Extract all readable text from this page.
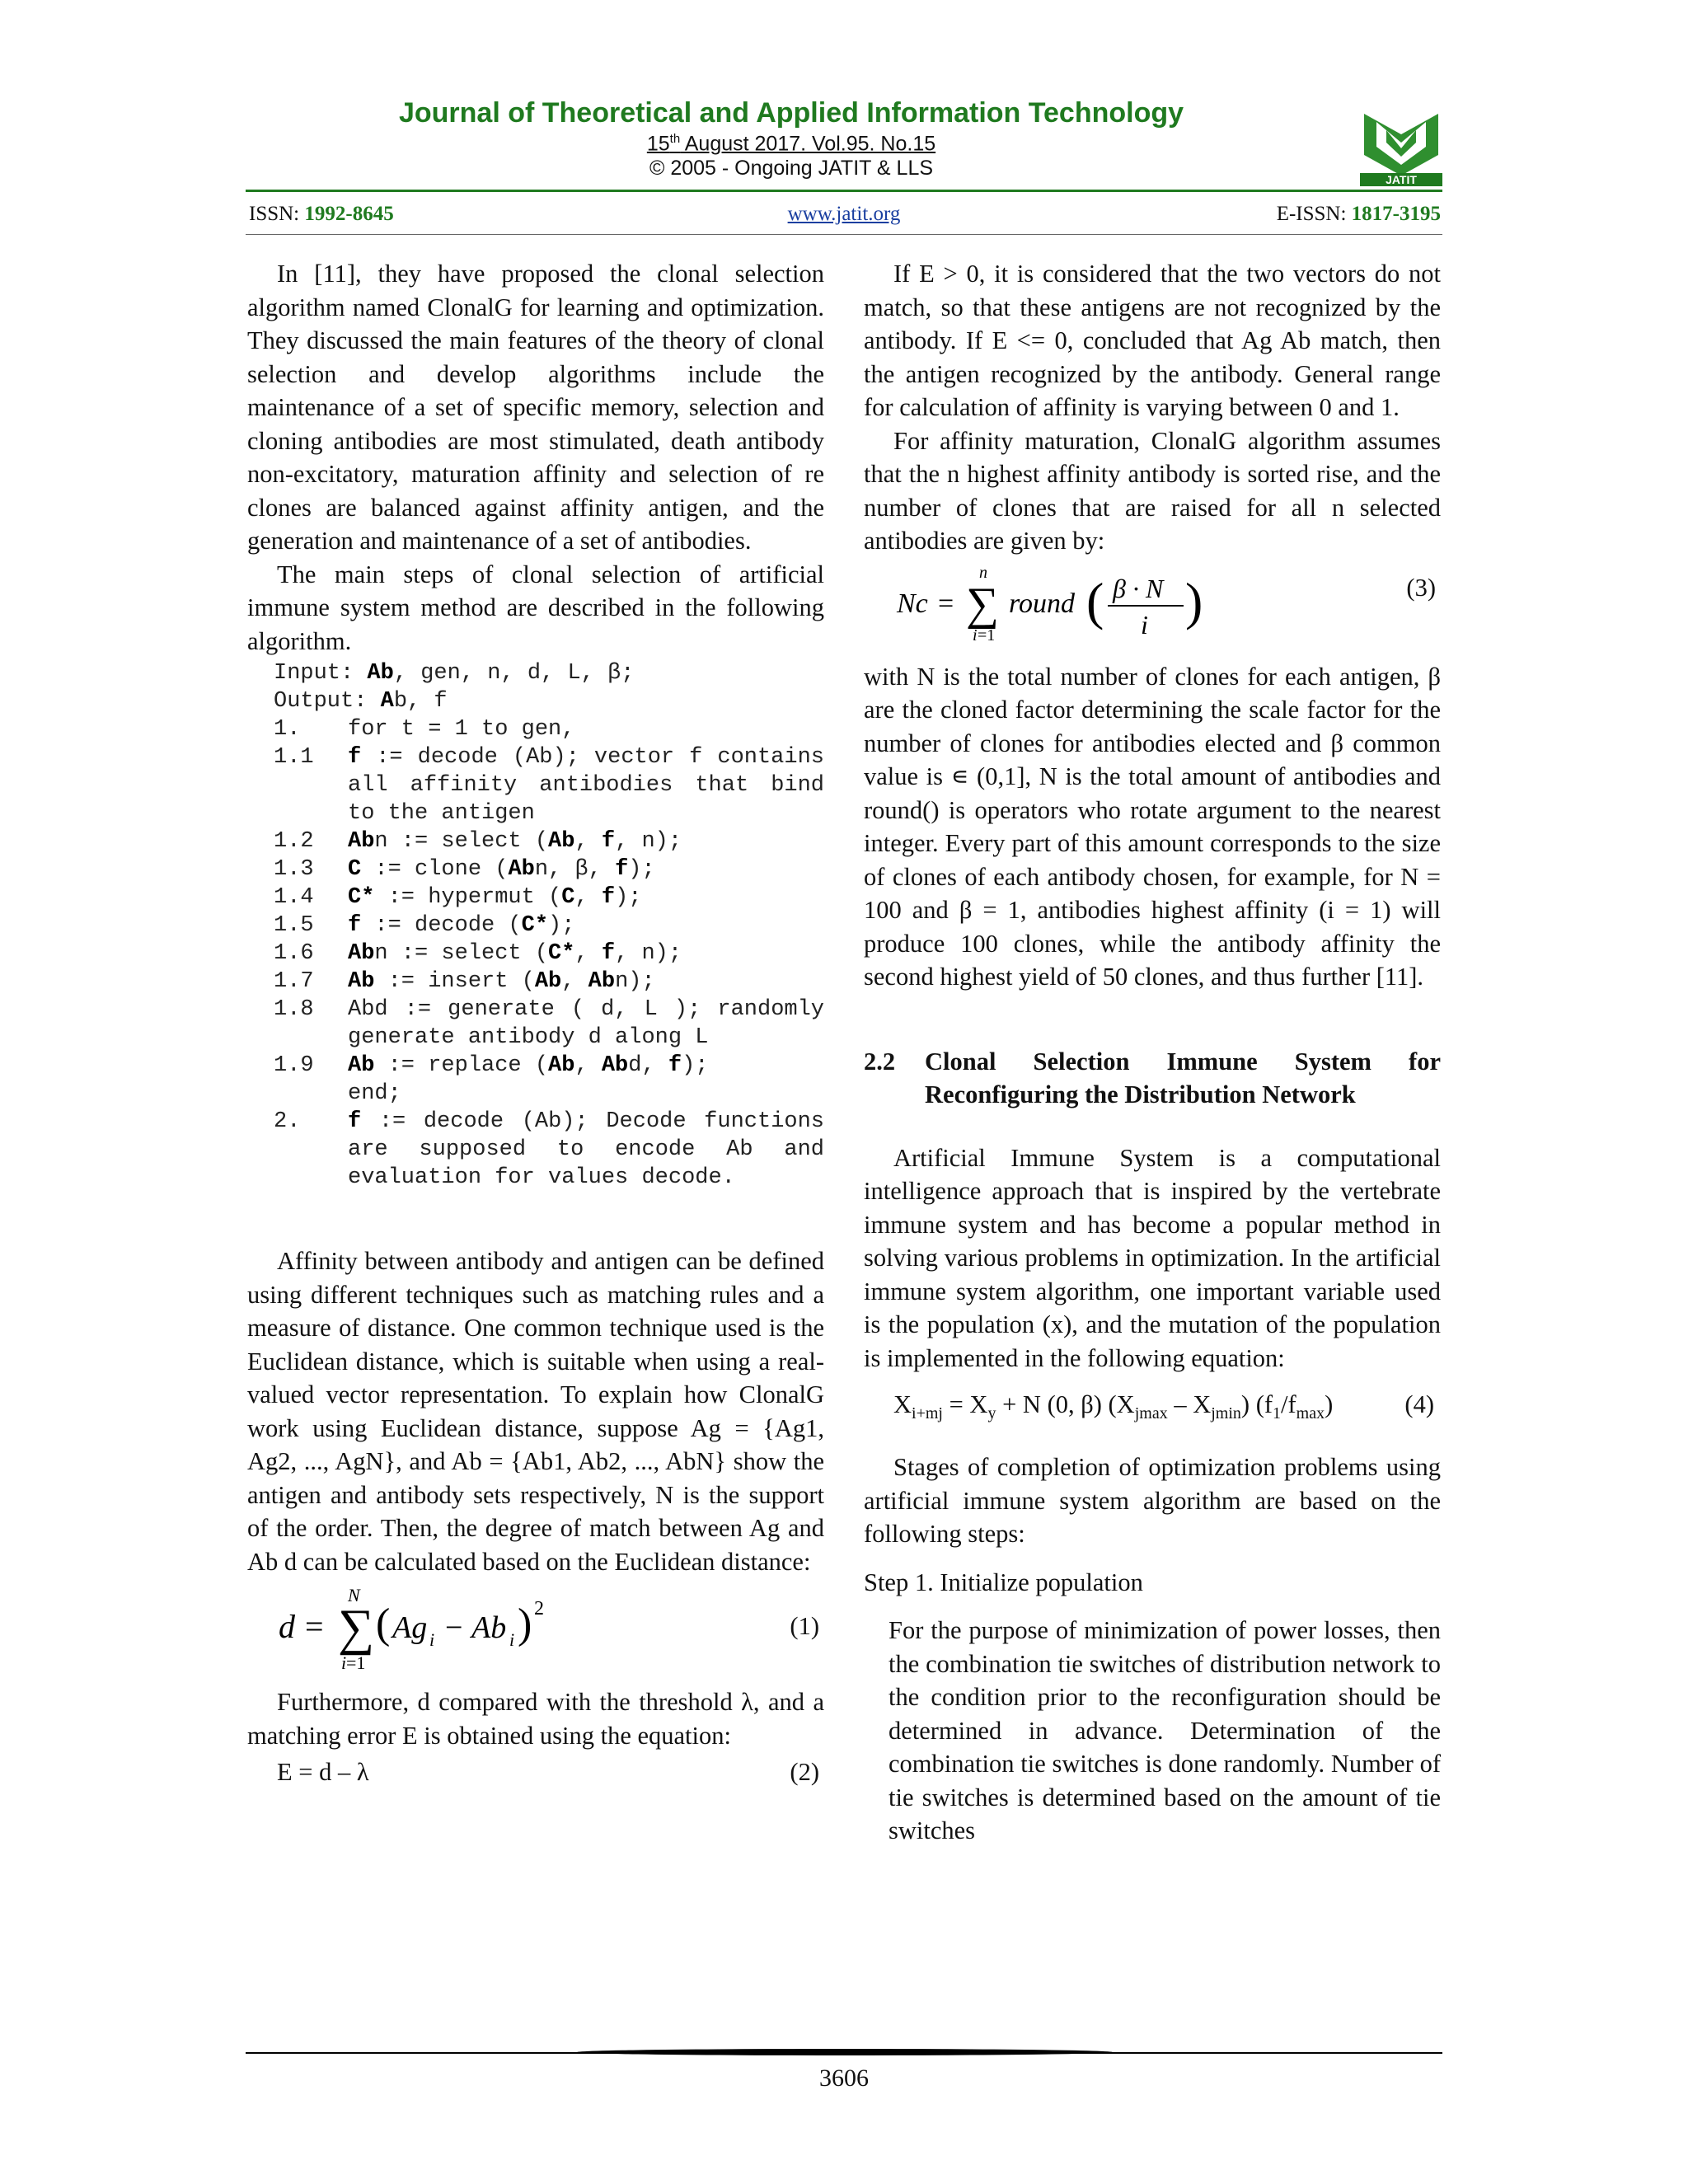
Journal of Theoretical and Applied Information Technology
15th August 2017. Vol.95. No.15
© 2005 - Ongoing JATIT & LLS	JATIT
ISSN: 1992-8645	www.jatit.org	E-ISSN: 1817-3195

In [11], they have proposed the clonal selection algorithm named ClonalG for learning and optimization. They discussed the main features of the theory of clonal selection and develop algorithms include the maintenance of a set of specific memory, selection and cloning antibodies are most stimulated, death antibody non-excitatory, maturation affinity and selection of re clones are balanced against affinity antigen, and the generation and maintenance of a set of antibodies.

The main steps of clonal selection of artificial immune system method are described in the following algorithm.

Input: Ab, gen, n, d, L, β;
Output: Ab, f
1.	for t = 1 to gen,
1.1	f := decode (Ab); vector f contains all affinity antibodies that bind to the antigen
1.2	Abn := select (Ab, f, n);
1.3	C := clone (Abn, β, f);
1.4	C* := hypermut (C, f);
1.5	f := decode (C*);
1.6	Abn := select (C*, f, n);
1.7	Ab := insert (Ab, Abn);
1.8	Abd := generate ( d, L ); randomly generate antibody d along L
1.9	Ab := replace (Ab, Abd, f);
end;
2.	f := decode (Ab); Decode functions are supposed to encode Ab and evaluation for values decode.

Affinity between antibody and antigen can be defined using different techniques such as matching rules and a measure of distance. One common technique used is the Euclidean distance, which is suitable when using a real-valued vector representation. To explain how ClonalG work using Euclidean distance, suppose Ag = {Ag1, Ag2, ..., AgN}, and Ab = {Ab1, Ab2, ..., AbN} show the antigen and antibody sets respectively, N is the support of the order. Then, the degree of match between Ag and Ab d can be calculated based on the Euclidean distance:

d = ∑
N
i =1
( Ag i − Ab i ) 2
(1)

Furthermore, d compared with the threshold λ, and a matching error E is obtained using the equation:

E = d – λ	(2)

If E > 0, it is considered that the two vectors do not match, so that these antigens are not recognized by the antibody. If E <= 0, concluded that Ag Ab match, then the antigen recognized by the antibody. General range for calculation of affinity is varying between 0 and 1.

For affinity maturation, ClonalG algorithm assumes that the n highest affinity antibody is sorted rise, and the number of clones that are raised for all n selected antibodies are given by:

Nc = ∑
n
i =1
round ( β · N
i )	(3)

with N is the total number of clones for each antigen, β are the cloned factor determining the scale factor for the number of clones for antibodies elected and β common value is ∊ (0,1], N is the total amount of antibodies and round() is operators who rotate argument to the nearest integer. Every part of this amount corresponds to the size of clones of each antibody chosen, for example, for N = 100 and β = 1, antibodies highest affinity (i = 1) will produce 100 clones, while the antibody affinity the second highest yield of 50 clones, and thus further [11].

2.2	Clonal Selection Immune System for Reconfiguring the Distribution Network

Artificial Immune System is a computational intelligence approach that is inspired by the vertebrate immune system and has become a popular method in solving various problems in optimization. In the artificial immune system algorithm, one important variable used is the population (x), and the mutation of the population is implemented in the following equation:

$X_{i+mj} = X_y + N$ (0, β) $(X_{jmax} - X_{jmin})$ $(f_1/f_{max})$	(4)

Stages of completion of optimization problems using artificial immune system algorithm are based on the following steps:

Step 1. Initialize population

For the purpose of minimization of power losses, then the combination tie switches of distribution network to the condition prior to the reconfiguration should be determined in advance. Determination of the combination tie switches is done randomly. Number of tie switches is determined based on the amount of tie switches

3606
